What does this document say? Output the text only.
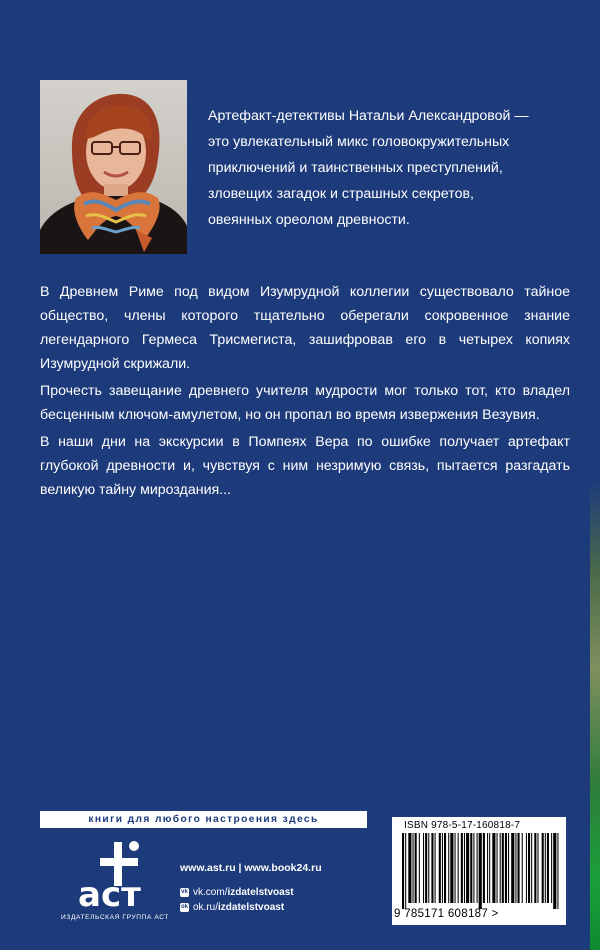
Артефакт-детективы Натальи Александровой —

это увлекательный микс головокружительных

приключений и таинственных преступлений,

зловещих загадок и страшных секретов,

овеянных ореолом древности.

В Древнем Риме под видом Изумрудной коллегии существовало тайное общество, члены которого тщательно оберегали сокровенное знание легендарного Гермеса Трисмегиста, зашифровав его в четырех копиях Изумрудной скрижали.

Прочесть завещание древнего учителя мудрости мог только тот, кто владел бесценным ключом-амулетом, но он пропал во время извержения Везувия.

В наши дни на экскурсии в Помпеях Вера по ошибке получает артефакт глубокой древности и, чувствуя с ним незримую связь, пытается разгадать великую тайну мироздания...

книги для любого настроения здесь
аст
ИЗДАТЕЛЬСКАЯ ГРУППА АСТ
www.ast.ru | www.book24.ru
vk vk.com/ izdatelstvoast
ok ok.ru/ izdatelstvoast
ISBN 978-5-17-160818-7
9 785171 608187 >
